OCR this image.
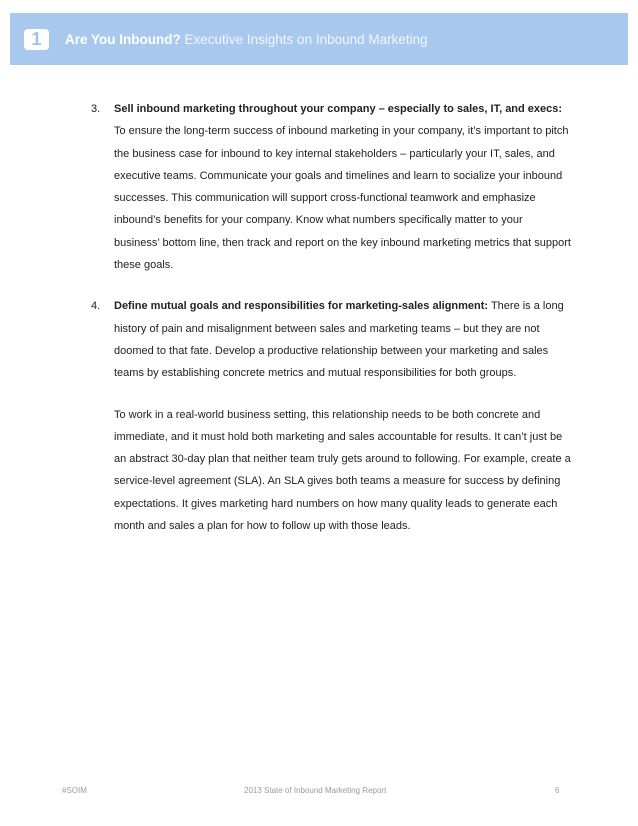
1	Are You Inbound? Executive Insights on Inbound Marketing

3. Sell inbound marketing throughout your company – especially to sales, IT, and execs:
To ensure the long-term success of inbound marketing in your company, it’s important to pitch the business case for inbound to key internal stakeholders – particularly your IT, sales, and executive teams. Communicate your goals and timelines and learn to socialize your inbound successes. This communication will support cross-functional teamwork and emphasize inbound’s benefits for your company. Know what numbers specifically matter to your business’ bottom line, then track and report on the key inbound marketing metrics that support these goals.

4. Define mutual goals and responsibilities for marketing-sales alignment: There is a long history of pain and misalignment between sales and marketing teams – but they are not doomed to that fate. Develop a productive relationship between your marketing and sales teams by establishing concrete metrics and mutual responsibilities for both groups.

To work in a real-world business setting, this relationship needs to be both concrete and immediate, and it must hold both marketing and sales accountable for results. It can’t just be an abstract 30-day plan that neither team truly gets around to following. For example, create a service-level agreement (SLA). An SLA gives both teams a measure for success by defining expectations. It gives marketing hard numbers on how many quality leads to generate each month and sales a plan for how to follow up with those leads.

#SOIM	2013 State of Inbound Marketing Report	6
